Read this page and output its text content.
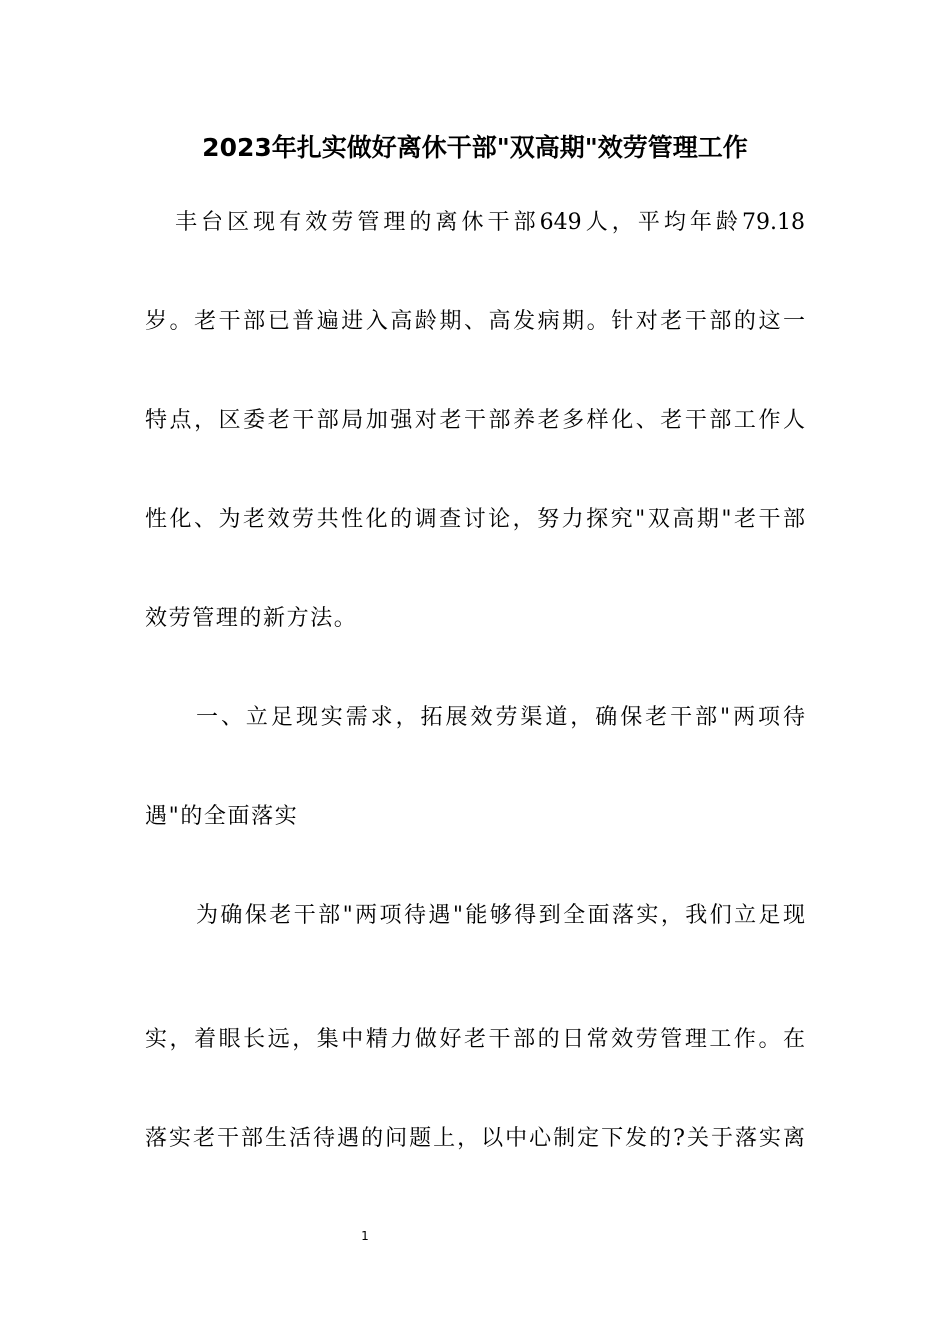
2023年扎实做好离休干部"双高期"效劳管理工作
丰台区现有效劳管理的离休干部649人，平均年龄79.18
岁。老干部已普遍进入高龄期、高发病期。针对老干部的这一
特点，区委老干部局加强对老干部养老多样化、老干部工作人
性化、为老效劳共性化的调查讨论，努力探究"双高期"老干部
效劳管理的新方法。
一、立足现实需求，拓展效劳渠道，确保老干部"两项待
遇"的全面落实
为确保老干部"两项待遇"能够得到全面落实，我们立足现
实，着眼长远，集中精力做好老干部的日常效劳管理工作。在
落实老干部生活待遇的问题上，以中心制定下发的?关于落实离
1
